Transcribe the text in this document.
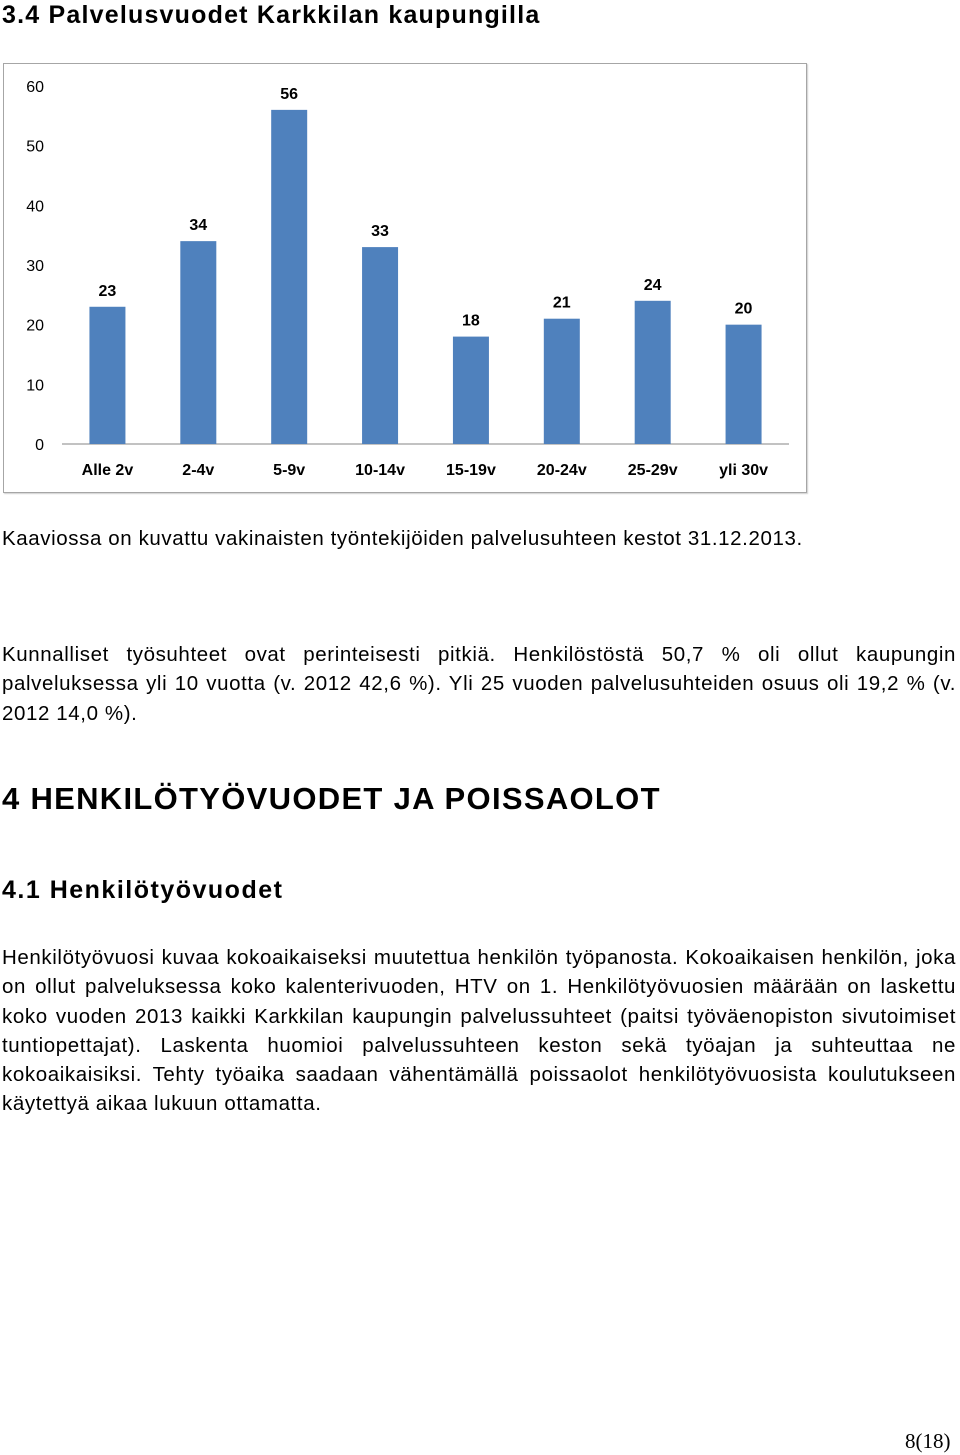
3.4 Palvelusvuodet Karkkilan kaupungilla
0
10
20
30
40
50
60
23
Alle 2v
34
2-4v
56
5-9v
33
10-14v
18
15-19v
21
20-24v
24
25-29v
20
yli 30v

Kaaviossa on kuvattu vakinaisten työntekijöiden palvelusuhteen kestot 31.12.2013.

Kunnalliset työsuhteet ovat perinteisesti pitkiä. Henkilöstöstä 50,7 % oli ollut kaupungin palveluksessa yli 10 vuotta (v. 2012 42,6 %). Yli 25 vuoden palvelusuhteiden osuus oli 19,2 % (v. 2012 14,0 %).

4 HENKILÖTYÖVUODET JA POISSAOLOT
4.1 Henkilötyövuodet

Henkilötyövuosi kuvaa kokoaikaiseksi muutettua henkilön työpanosta. Kokoaikaisen henkilön, joka on ollut palveluksessa koko kalenterivuoden, HTV on 1. Henkilötyövuosien määrään on laskettu koko vuoden 2013 kaikki Karkkilan kaupungin palvelussuhteet (paitsi työväenopiston sivutoimiset tuntiopettajat). Laskenta huomioi palvelussuhteen keston sekä työajan ja suhteuttaa ne kokoaikaisiksi. Tehty työaika saadaan vähentämällä poissaolot henkilötyövuosista koulutukseen käytettyä aikaa lukuun ottamatta.

8(18)
